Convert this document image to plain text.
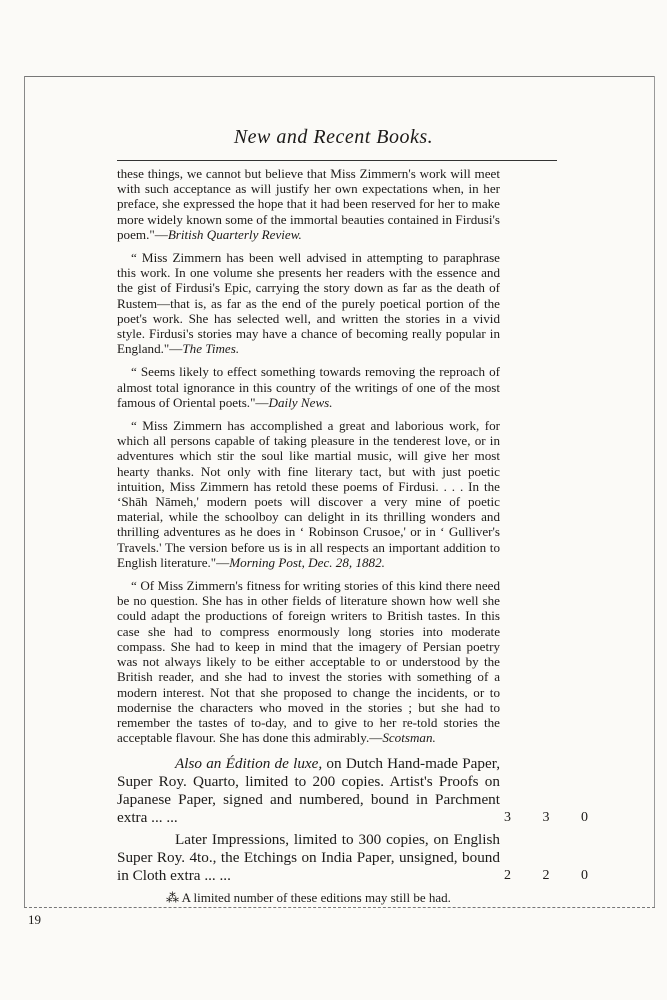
New and Recent Books.

these things, we cannot but believe that Miss Zimmern's work will meet with such acceptance as will justify her own expectations when, in her preface, she expressed the hope that it had been reserved for her to make more widely known some of the immortal beauties contained in Firdusi's poem."—British Quarterly Review.

“ Miss Zimmern has been well advised in attempting to paraphrase this work. In one volume she presents her readers with the essence and the gist of Firdusi's Epic, carrying the story down as far as the death of Rustem—that is, as far as the end of the purely poetical portion of the poet's work. She has selected well, and written the stories in a vivid style. Firdusi's stories may have a chance of becoming really popular in England."—The Times.

“ Seems likely to effect something towards removing the reproach of almost total ignorance in this country of the writings of one of the most famous of Oriental poets."—Daily News.

“ Miss Zimmern has accomplished a great and laborious work, for which all persons capable of taking pleasure in the tenderest love, or in adventures which stir the soul like martial music, will give her most hearty thanks. Not only with fine literary tact, but with just poetic intuition, Miss Zimmern has retold these poems of Firdusi. . . . In the ‘Shāh Nāmeh,' modern poets will discover a very mine of poetic material, while the schoolboy can delight in its thrilling wonders and thrilling adventures as he does in ‘ Robinson Crusoe,' or in ‘ Gulliver's Travels.' The version before us is in all respects an important addition to English literature."—Morning Post, Dec. 28, 1882.

“ Of Miss Zimmern's fitness for writing stories of this kind there need be no question. She has in other fields of literature shown how well she could adapt the productions of foreign writers to British tastes. In this case she had to compress enormously long stories into moderate compass. She had to keep in mind that the imagery of Persian poetry was not always likely to be either acceptable to or understood by the British reader, and she had to invest the stories with something of a modern interest. Not that she proposed to change the incidents, or to modernise the characters who moved in the stories ; but she had to remember the tastes of to-day, and to give to her re-told stories the acceptable flavour. She has done this admirably.—Scotsman.

Also an Édition de luxe, on Dutch Hand-made Paper, Super Roy. Quarto, limited to 200 copies. Artist's Proofs on Japanese Paper, signed and numbered, bound in Parchment extra ... ...	3 3 0
Later Impressions, limited to 300 copies, on English Super Roy. 4to., the Etchings on India Paper, unsigned, bound in Cloth extra ... ...	2 2 0
⁂ A limited number of these editions may still be had.
19
